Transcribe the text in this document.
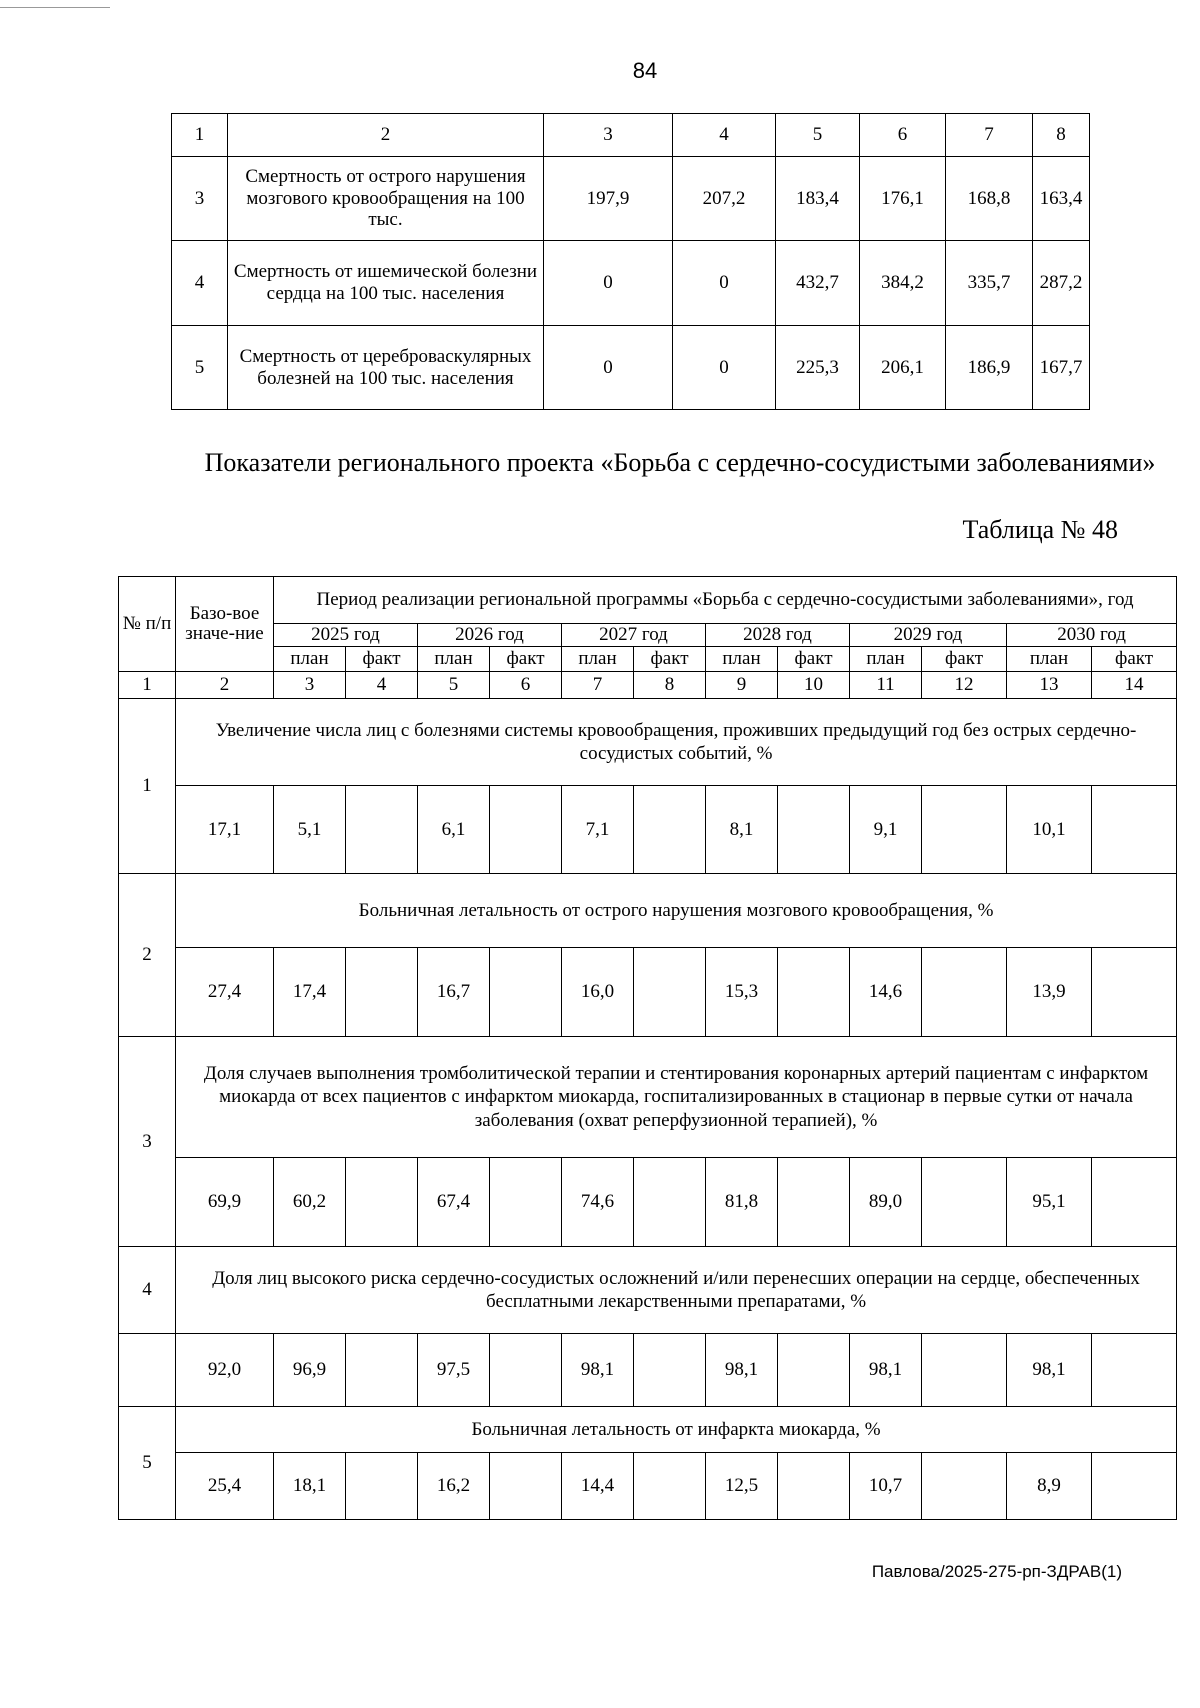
84
1	2	3	4	5	6	7	8
3	Смертность от острого нарушения мозгового кровообращения на 100 тыс.	197,9	207,2	183,4	176,1	168,8	163,4
4	Смертность от ишемической болезни сердца на 100 тыс. населения	0	0	432,7	384,2	335,7	287,2
5	Смертность от цереброваскулярных болезней на 100 тыс. населения	0	0	225,3	206,1	186,9	167,7
Показатели регионального проекта «Борьба с сердечно-сосудистыми заболеваниями»
Таблица № 48
№ п/п	Базо-вое значе-ние	Период реализации региональной программы «Борьба с сердечно-сосудистыми заболеваниями», год											
		2025 год		2026 год		2027 год		2028 год		2029 год		2030 год	
		план	факт	план	факт	план	факт	план	факт	план	факт	план	факт

1	2	3	4	5	6	7	8	9	10	11	12	13	14
1	Увеличение числа лиц с болезнями системы кровообращения, проживших предыдущий год без острых сердечно-сосудистых событий, %												
	17,1	5,1		6,1		7,1		8,1		9,1		10,1	
2	Больничная летальность от острого нарушения мозгового кровообращения, %												
	27,4	17,4		16,7		16,0		15,3		14,6		13,9	
3	Доля случаев выполнения тромболитической терапии и стентирования коронарных артерий пациентам с инфарктом миокарда от всех пациентов с инфарктом миокарда, госпитализированных в стационар в первые сутки от начала заболевания (охват реперфузионной терапией), %												
	69,9	60,2		67,4		74,6		81,8		89,0		95,1	
4	Доля лиц высокого риска сердечно-сосудистых осложнений и/или перенесших операции на сердце, обеспеченных бесплатными лекарственными препаратами, %												
	92,0	96,9		97,5		98,1		98,1		98,1		98,1	
5	Больничная летальность от инфаркта миокарда, %												
	25,4	18,1		16,2		14,4		12,5		10,7		8,9	
Павлова/2025-275-рп-ЗДРАВ(1)
